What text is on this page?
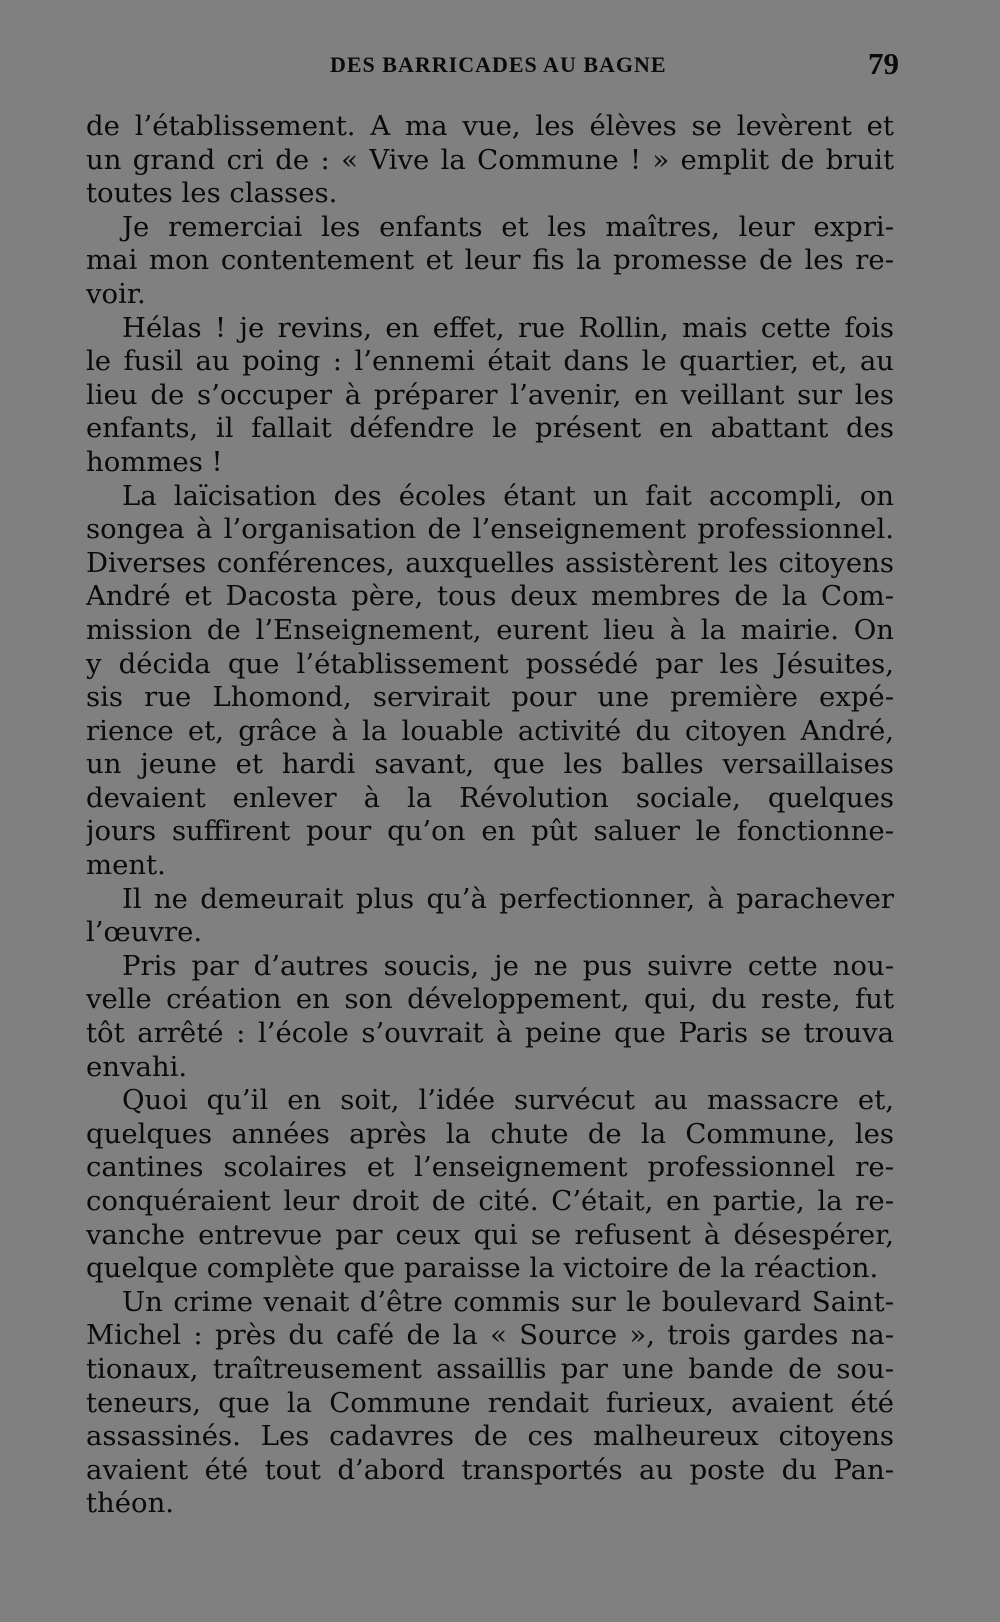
DES BARRICADES AU BAGNE	79
de l’établissement. A ma vue, les élèves se levèrent et
un grand cri de : « Vive la Commune ! » emplit de bruit
toutes les classes.
Je remerciai les enfants et les maîtres, leur expri-
mai mon contentement et leur fis la promesse de les re-
voir.
Hélas ! je revins, en effet, rue Rollin, mais cette fois
le fusil au poing : l’ennemi était dans le quartier, et, au
lieu de s’occuper à préparer l’avenir, en veillant sur les
enfants, il fallait défendre le présent en abattant des
hommes !
La laïcisation des écoles étant un fait accompli, on
songea à l’organisation de l’enseignement professionnel.
Diverses conférences, auxquelles assistèrent les citoyens
André et Dacosta père, tous deux membres de la Com-
mission de l’Enseignement, eurent lieu à la mairie. On
y décida que l’établissement possédé par les Jésuites,
sis rue Lhomond, servirait pour une première expé-
rience et, grâce à la louable activité du citoyen André,
un jeune et hardi savant, que les balles versaillaises
devaient enlever à la Révolution sociale, quelques
jours suffirent pour qu’on en pût saluer le fonctionne-
ment.
Il ne demeurait plus qu’à perfectionner, à parachever
l’œuvre.
Pris par d’autres soucis, je ne pus suivre cette nou-
velle création en son développement, qui, du reste, fut
tôt arrêté : l’école s’ouvrait à peine que Paris se trouva
envahi.
Quoi qu’il en soit, l’idée survécut au massacre et,
quelques années après la chute de la Commune, les
cantines scolaires et l’enseignement professionnel re-
conquéraient leur droit de cité. C’était, en partie, la re-
vanche entrevue par ceux qui se refusent à désespérer,
quelque complète que paraisse la victoire de la réaction.
Un crime venait d’être commis sur le boulevard Saint-
Michel : près du café de la « Source », trois gardes na-
tionaux, traîtreusement assaillis par une bande de sou-
teneurs, que la Commune rendait furieux, avaient été
assassinés. Les cadavres de ces malheureux citoyens
avaient été tout d’abord transportés au poste du Pan-
théon.
